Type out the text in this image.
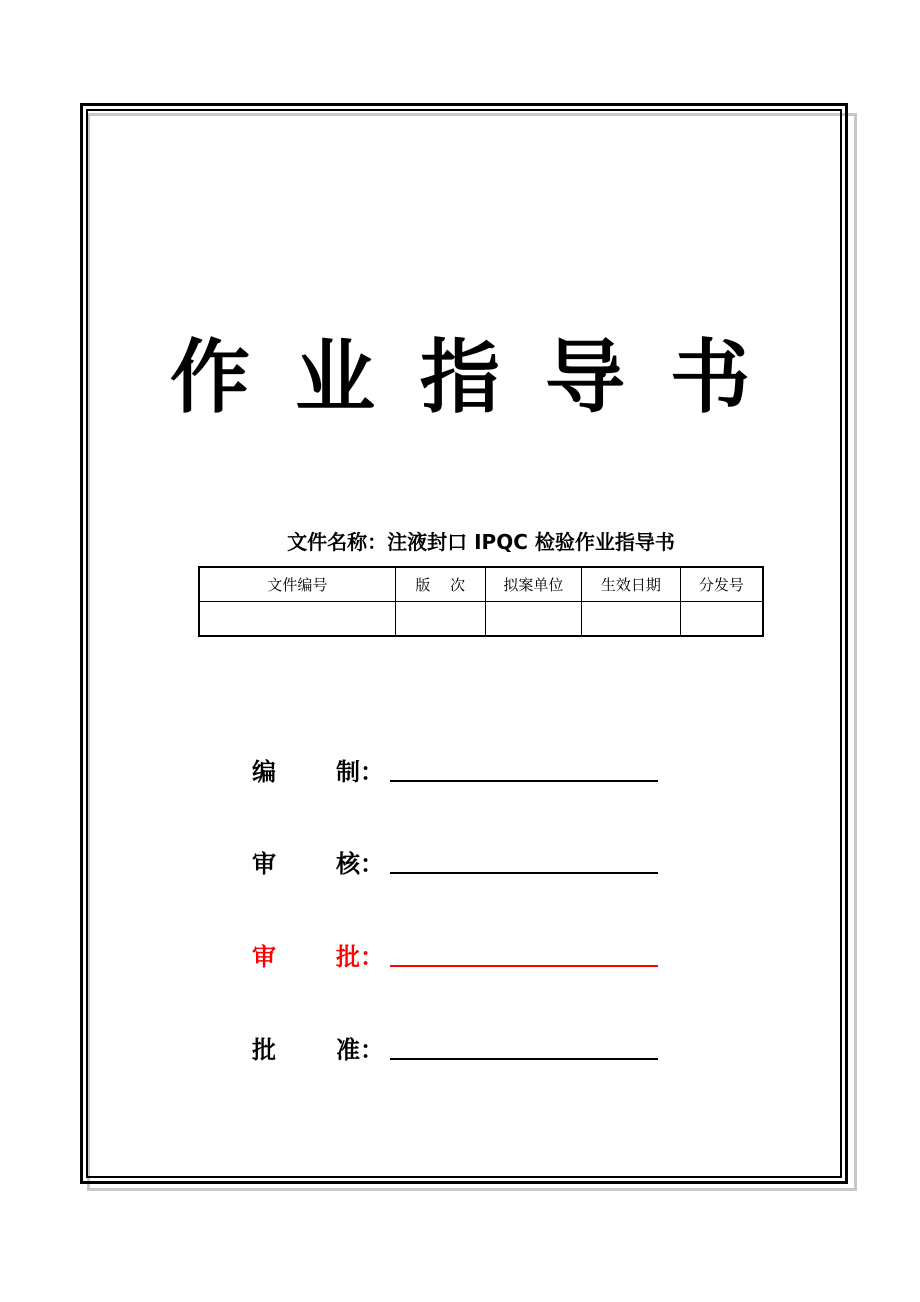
作 业 指 导 书
文件名称：注液封口 IPQC 检验作业指导书
文件编号	版　 次	拟案单位	生效日期	分发号

编	制：
审	核：
审	批：
批	准：
